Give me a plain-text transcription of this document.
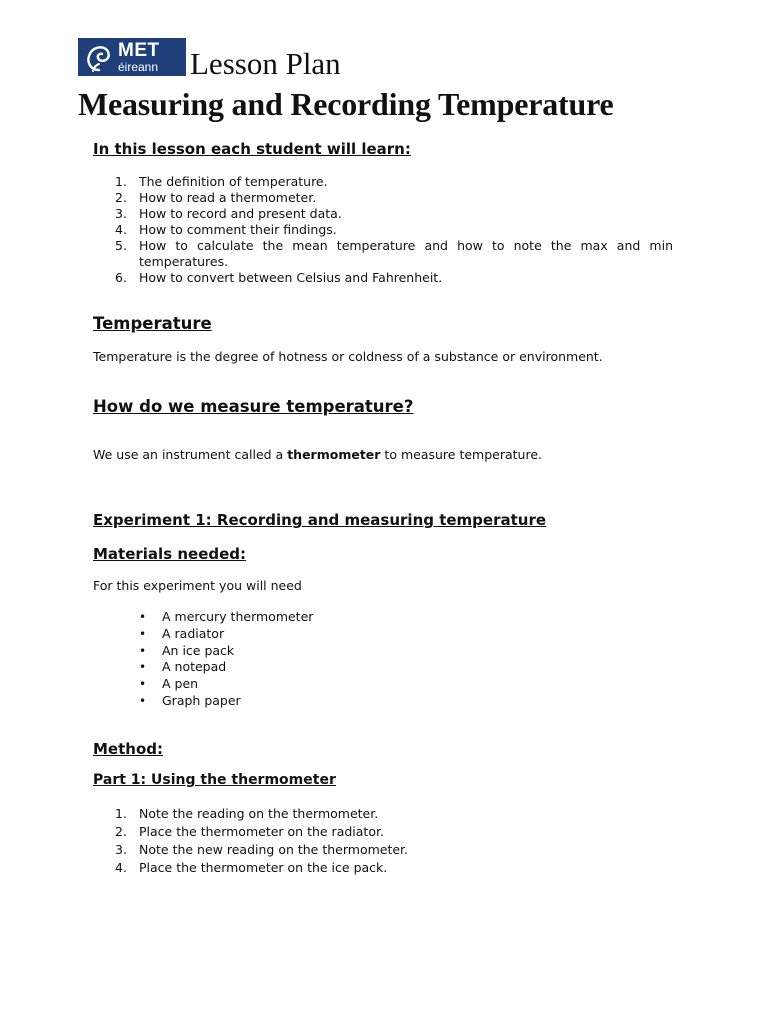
MET
éireann Lesson Plan
Measuring and Recording Temperature
In this lesson each student will learn:
1. The definition of temperature.
2. How to read a thermometer.
3. How to record and present data.
4. How to comment their findings.
5. How to calculate the mean temperature and how to note the max and min temperatures.
6. How to convert between Celsius and Fahrenheit.
Temperature
Temperature is the degree of hotness or coldness of a substance or environment.
How do we measure temperature?
We use an instrument called a thermometer to measure temperature.
Experiment 1: Recording and measuring temperature
Materials needed:
For this experiment you will need
• A mercury thermometer
• A radiator
• An ice pack
• A notepad
• A pen
• Graph paper
Method:
Part 1: Using the thermometer
1. Note the reading on the thermometer.
2. Place the thermometer on the radiator.
3. Note the new reading on the thermometer.
4. Place the thermometer on the ice pack.
